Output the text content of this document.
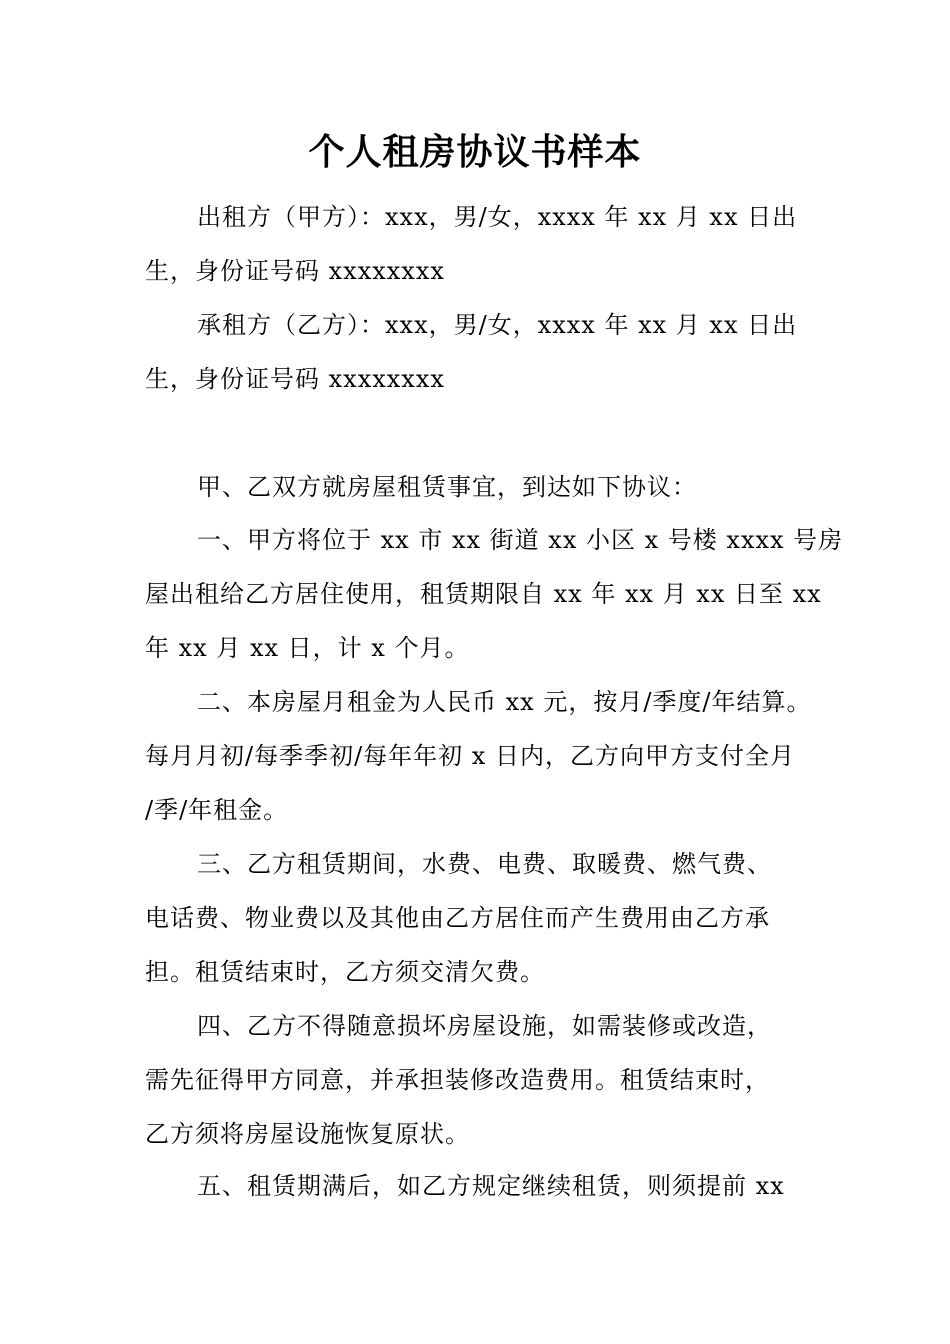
个人租房协议书样本
出租方（甲方）：xxx，男/女，xxxx 年 xx 月 xx 日出
生，身份证号码 xxxxxxxx
承租方（乙方）：xxx，男/女，xxxx 年 xx 月 xx 日出
生，身份证号码 xxxxxxxx
甲、乙双方就房屋租赁事宜，到达如下协议：
一、甲方将位于 xx 市 xx 街道 xx 小区 x 号楼 xxxx 号房
屋出租给乙方居住使用，租赁期限自 xx 年 xx 月 xx 日至 xx
年 xx 月 xx 日，计 x 个月。
二、本房屋月租金为人民币 xx 元，按月/季度/年结算。
每月月初/每季季初/每年年初 x 日内，乙方向甲方支付全月
/季/年租金。
三、乙方租赁期间，水费、电费、取暖费、燃气费、
电话费、物业费以及其他由乙方居住而产生费用由乙方承
担。租赁结束时，乙方须交清欠费。
四、乙方不得随意损坏房屋设施，如需装修或改造，
需先征得甲方同意，并承担装修改造费用。租赁结束时，
乙方须将房屋设施恢复原状。
五、租赁期满后，如乙方规定继续租赁，则须提前 xx
